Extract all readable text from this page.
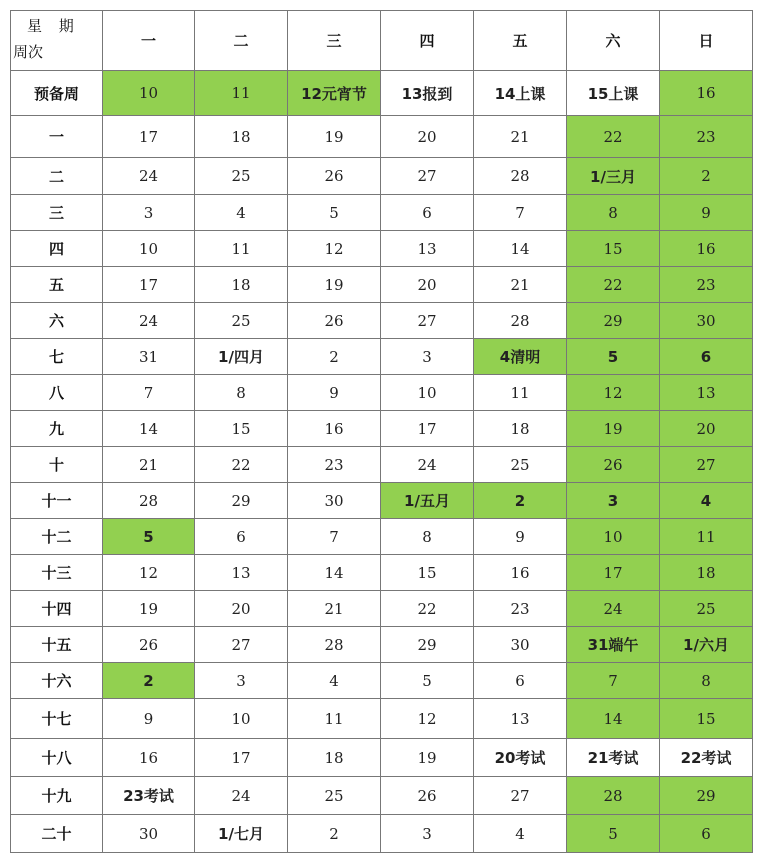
星 期
周次	一	二	三	四	五	六	日
预备周	10	11	12元宵节	13报到	14上课	15上课	16
一	17	18	19	20	21	22	23
二	24	25	26	27	28	1/三月	2
三	3	4	5	6	7	8	9
四	10	11	12	13	14	15	16
五	17	18	19	20	21	22	23
六	24	25	26	27	28	29	30
七	31	1/四月	2	3	4清明	5	6
八	7	8	9	10	11	12	13
九	14	15	16	17	18	19	20
十	21	22	23	24	25	26	27
十一	28	29	30	1/五月	2	3	4
十二	5	6	7	8	9	10	11
十三	12	13	14	15	16	17	18
十四	19	20	21	22	23	24	25
十五	26	27	28	29	30	31端午	1/六月
十六	2	3	4	5	6	7	8
十七	9	10	11	12	13	14	15
十八	16	17	18	19	20考试	21考试	22考试
十九	23考试	24	25	26	27	28	29
二十	30	1/七月	2	3	4	5	6
